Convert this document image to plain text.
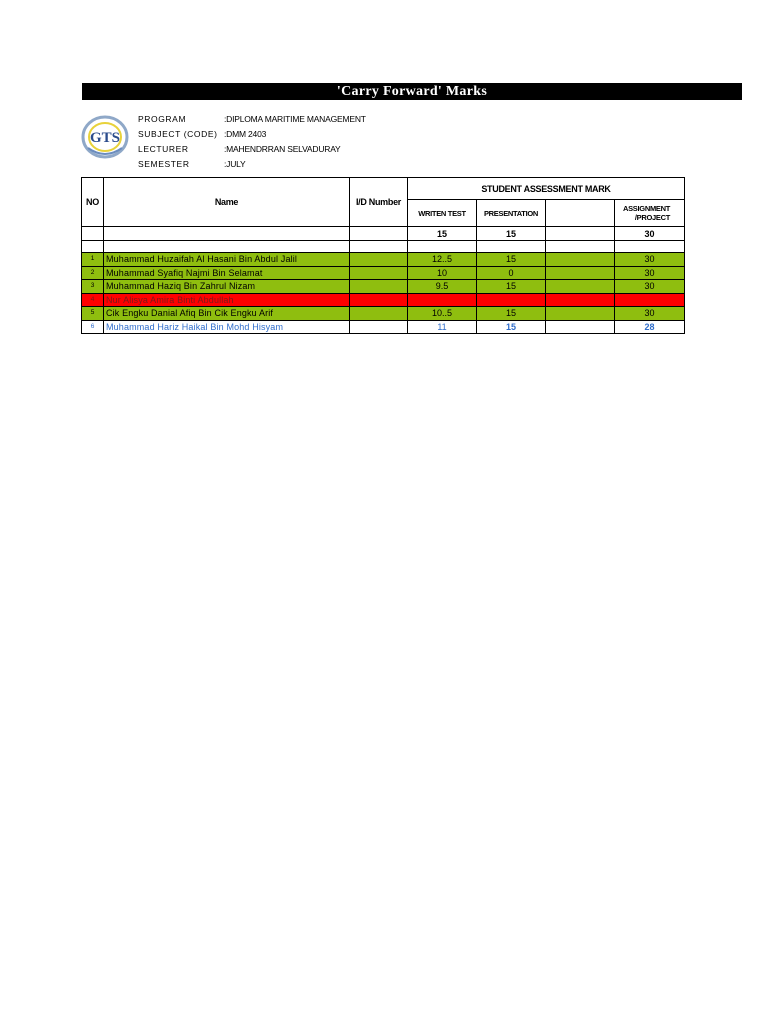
'Carry Forward' Marks
GTS
PROGRAM	:DIPLOMA MARITIME MANAGEMENT
SUBJECT (CODE) :DMM 2403
LECTURER	:MAHENDRRAN SELVADURAY
SEMESTER	:JULY
NO	Name	I/D Number	STUDENT ASSESSMENT MARK			
			WRITEN TEST	PRESENTATION		ASSIGNMENT
/PROJECT

			15	15		30

1	Muhammad Huzaifah Al Hasani Bin Abdul Jalil		12..5	15		30
2	Muhammad Syafiq Najmi Bin Selamat		10	0		30
3	Muhammad Haziq Bin Zahrul Nizam		9.5	15		30
4	Nur Alisya Amira Binti Abdullah					
5	Cik Engku Danial Afiq Bin Cik Engku Arif		10..5	15		30
6	Muhammad Hariz Haikal Bin Mohd Hisyam		11	15		28
